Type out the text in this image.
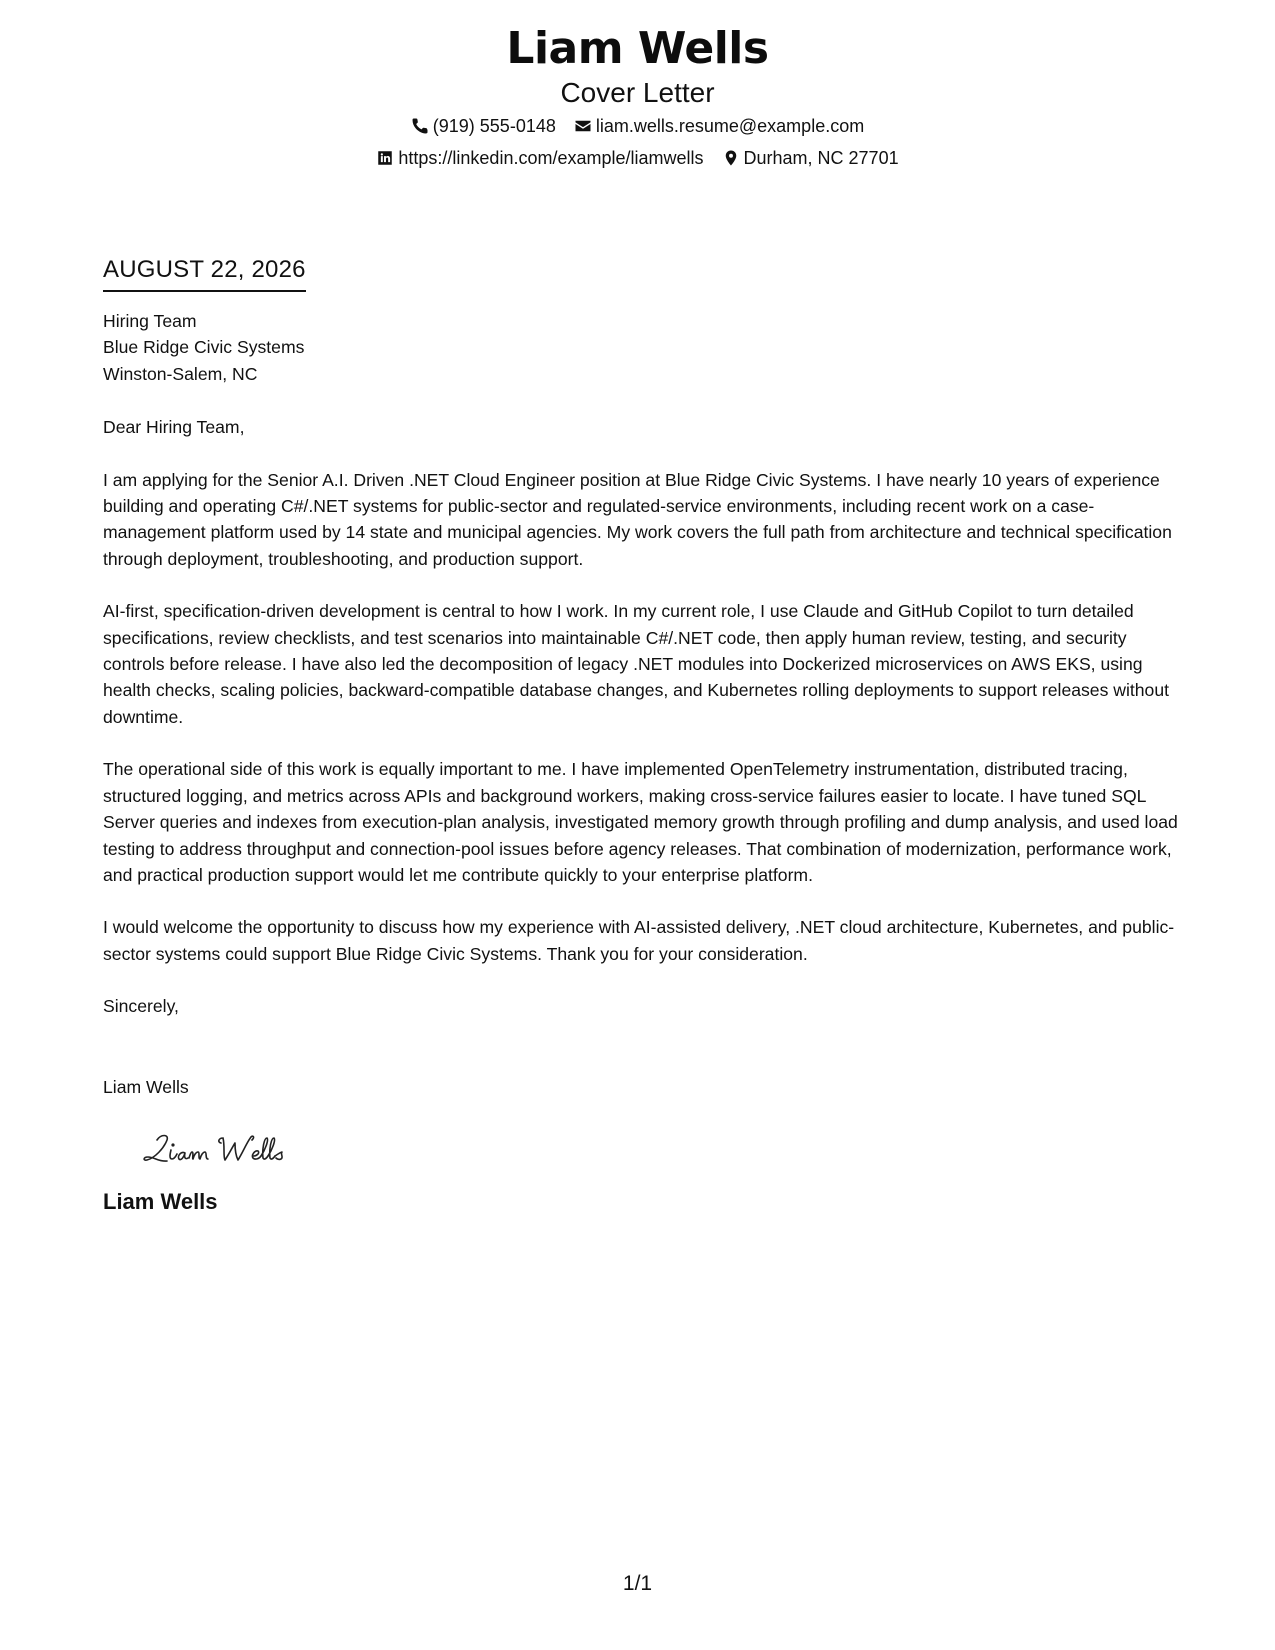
Liam Wells
Cover Letter
(919) 555-0148 liam.wells.resume@example.com
https://linkedin.com/example/liamwells Durham, NC 27701
AUGUST 22, 2026
Hiring Team
Blue Ridge Civic Systems
Winston-Salem, NC
Dear Hiring Team,
I am applying for the Senior A.I. Driven .NET Cloud Engineer position at Blue Ridge Civic Systems. I have nearly 10 years of experience building and operating C#/.NET systems for public-sector and regulated-service environments, including recent work on a case-management platform used by 14 state and municipal agencies. My work covers the full path from architecture and technical specification through deployment, troubleshooting, and production support.
AI-first, specification-driven development is central to how I work. In my current role, I use Claude and GitHub Copilot to turn detailed specifications, review checklists, and test scenarios into maintainable C#/.NET code, then apply human review, testing, and security controls before release. I have also led the decomposition of legacy .NET modules into Dockerized microservices on AWS EKS, using health checks, scaling policies, backward-compatible database changes, and Kubernetes rolling deployments to support releases without downtime.
The operational side of this work is equally important to me. I have implemented OpenTelemetry instrumentation, distributed tracing, structured logging, and metrics across APIs and background workers, making cross-service failures easier to locate. I have tuned SQL Server queries and indexes from execution-plan analysis, investigated memory growth through profiling and dump analysis, and used load testing to address throughput and connection-pool issues before agency releases. That combination of modernization, performance work, and practical production support would let me contribute quickly to your enterprise platform.
I would welcome the opportunity to discuss how my experience with AI-assisted delivery, .NET cloud architecture, Kubernetes, and public-sector systems could support Blue Ridge Civic Systems. Thank you for your consideration.
Sincerely,
Liam Wells
Liam Wells
1/1
